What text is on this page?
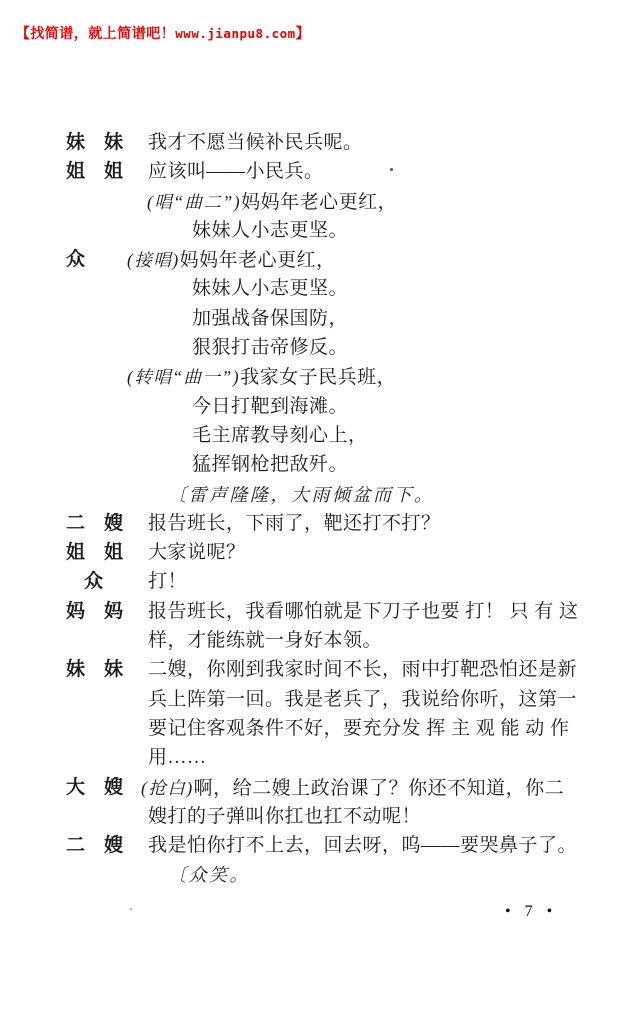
【找简谱，就上简谱吧！www.jianpu8.com】

妹　妹 我才不愿当候补民兵呢。
姐　姐 应该叫——小民兵。
(唱“曲二”)妈妈年老心更红，
妹妹人小志更坚。
众	(接唱)妈妈年老心更红，
妹妹人小志更坚。
加强战备保国防，
狠狠打击帝修反。
(转唱“曲一”)我家女子民兵班，
今日打靶到海滩。
毛主席教导刻心上，
猛挥钢枪把敌歼。
〔雷声隆隆，大雨倾盆而下。
二　嫂 报告班长，下雨了，靶还打不打？
姐　姐 大家说呢？
众	打！
妈　妈 报告班长，我看哪怕就是下刀子也要 打！ 只 有 这
样，才能练就一身好本领。
妹　妹 二嫂，你刚到我家时间不长，雨中打靶恐怕还是新
兵上阵第一回。我是老兵了，我说给你听，这第一
要记住客观条件不好，要充分发 挥 主 观 能 动 作
用……
大　嫂 (抢白)啊，给二嫂上政治课了？你还不知道，你二
嫂打的子弹叫你扛也扛不动呢！
二　嫂 我是怕你打不上去，回去呀，呜——要哭鼻子了。
〔众笑。
• 7 •
